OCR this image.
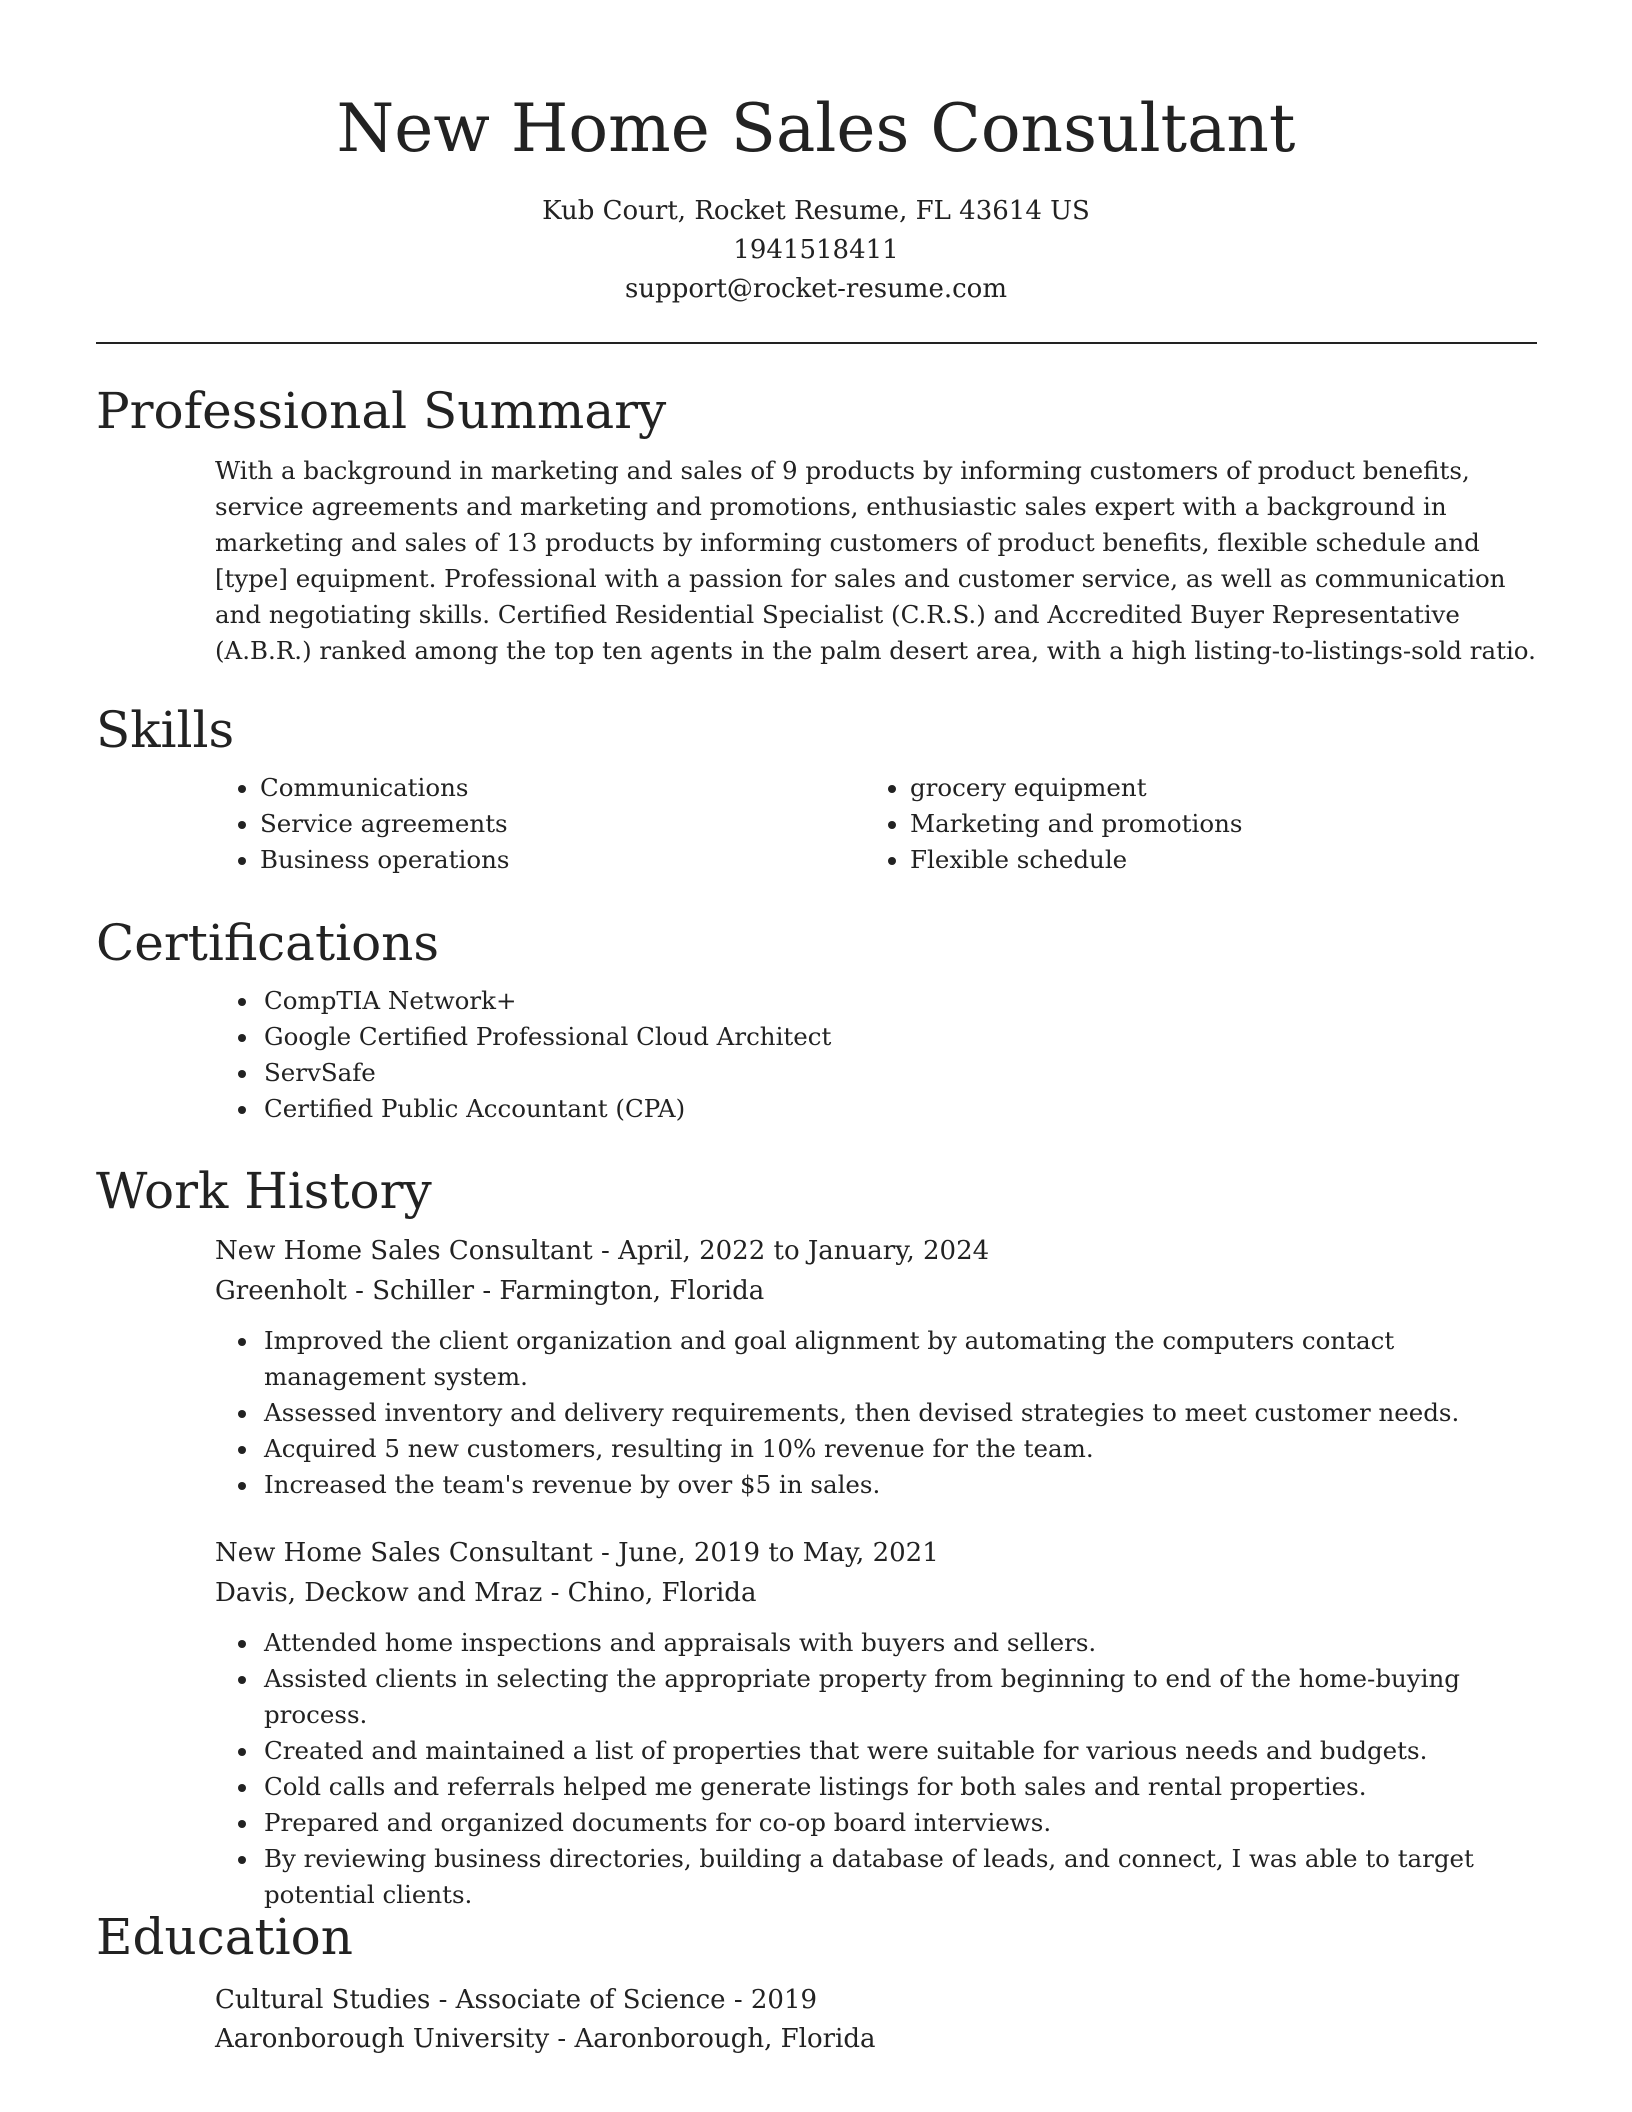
New Home Sales Consultant
Kub Court, Rocket Resume, FL 43614 US
1941518411
support@rocket-resume.com
Professional Summary
With a background in marketing and sales of 9 products by informing customers of product benefits, service agreements and marketing and promotions, enthusiastic sales expert with a background in marketing and sales of 13 products by informing customers of product benefits, flexible schedule and [type] equipment. Professional with a passion for sales and customer service, as well as communication and negotiating skills. Certified Residential Specialist (C.R.S.) and Accredited Buyer Representative (A.B.R.) ranked among the top ten agents in the palm desert area, with a high listing-to-listings-sold ratio.
Skills
• Communications
• Service agreements
• Business operations
• grocery equipment
• Marketing and promotions
• Flexible schedule
Certifications
• CompTIA Network+
• Google Certified Professional Cloud Architect
• ServSafe
• Certified Public Accountant (CPA)
Work History
New Home Sales Consultant - April, 2022 to January, 2024
Greenholt - Schiller - Farmington, Florida
• Improved the client organization and goal alignment by automating the computers contact management system.
• Assessed inventory and delivery requirements, then devised strategies to meet customer needs.
• Acquired 5 new customers, resulting in 10% revenue for the team.
• Increased the team's revenue by over $5 in sales.
New Home Sales Consultant - June, 2019 to May, 2021
Davis, Deckow and Mraz - Chino, Florida
• Attended home inspections and appraisals with buyers and sellers.
• Assisted clients in selecting the appropriate property from beginning to end of the home-buying process.
• Created and maintained a list of properties that were suitable for various needs and budgets.
• Cold calls and referrals helped me generate listings for both sales and rental properties.
• Prepared and organized documents for co-op board interviews.
• By reviewing business directories, building a database of leads, and connect, I was able to target potential clients.
Education
Cultural Studies - Associate of Science - 2019
Aaronborough University - Aaronborough, Florida
